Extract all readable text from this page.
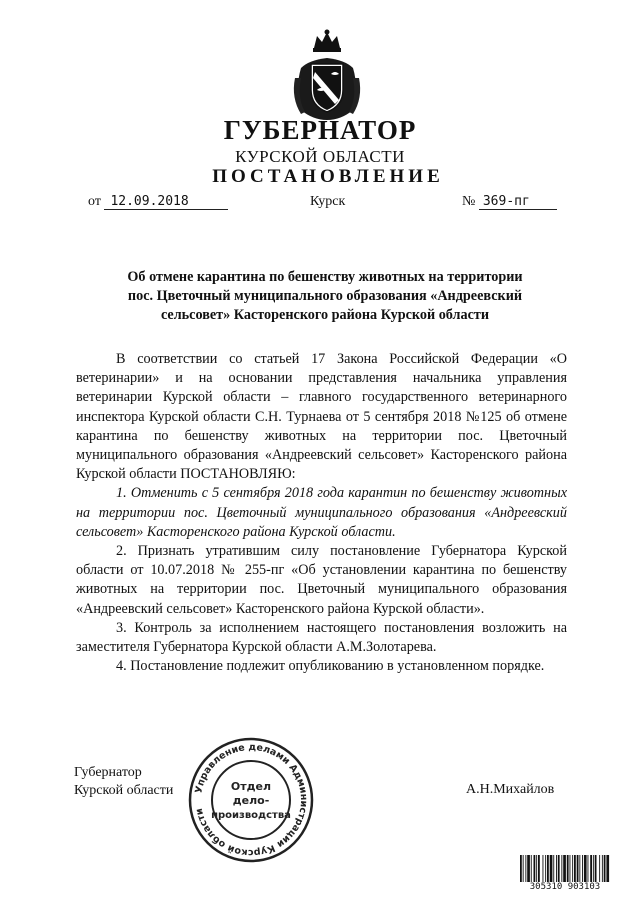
ГУБЕРНАТОР
КУРСКОЙ ОБЛАСТИ
ПОСТАНОВЛЕНИЕ
от 12.09.2018	Курск	№ 369-пг
Об отмене карантина по бешенству животных на территории
пос. Цветочный муниципального образования «Андреевский
сельсовет» Касторенского района Курской области

В соответствии со статьей 17 Закона Российской Федерации «О ветеринарии» и на основании представления начальника управления ветеринарии Курской области – главного государственного ветеринарного инспектора Курской области С.Н. Турнаева от 5 сентября 2018 №125 об отмене карантина по бешенству животных на территории пос. Цветочный муниципального образования «Андреевский сельсовет» Касторенского района Курской области ПОСТАНОВЛЯЮ:

1. Отменить с 5 сентября 2018 года карантин по бешенству животных на территории пос. Цветочный муниципального образования «Андреевский сельсовет» Касторенского района Курской области.

2. Признать утратившим силу постановление Губернатора Курской области от 10.07.2018 № 255-пг «Об установлении карантина по бешенству животных на территории пос. Цветочный муниципального образования «Андреевский сельсовет» Касторенского района Курской области».

3. Контроль за исполнением настоящего постановления возложить на заместителя Губернатора Курской области А.М.Золотарева.

4. Постановление подлежит опубликованию в установленном порядке.

Губернатор
Курской области	А.Н.Михайлов
Управление делами Администрации Курской области
Отдел
дело-
производства
305310 903103
